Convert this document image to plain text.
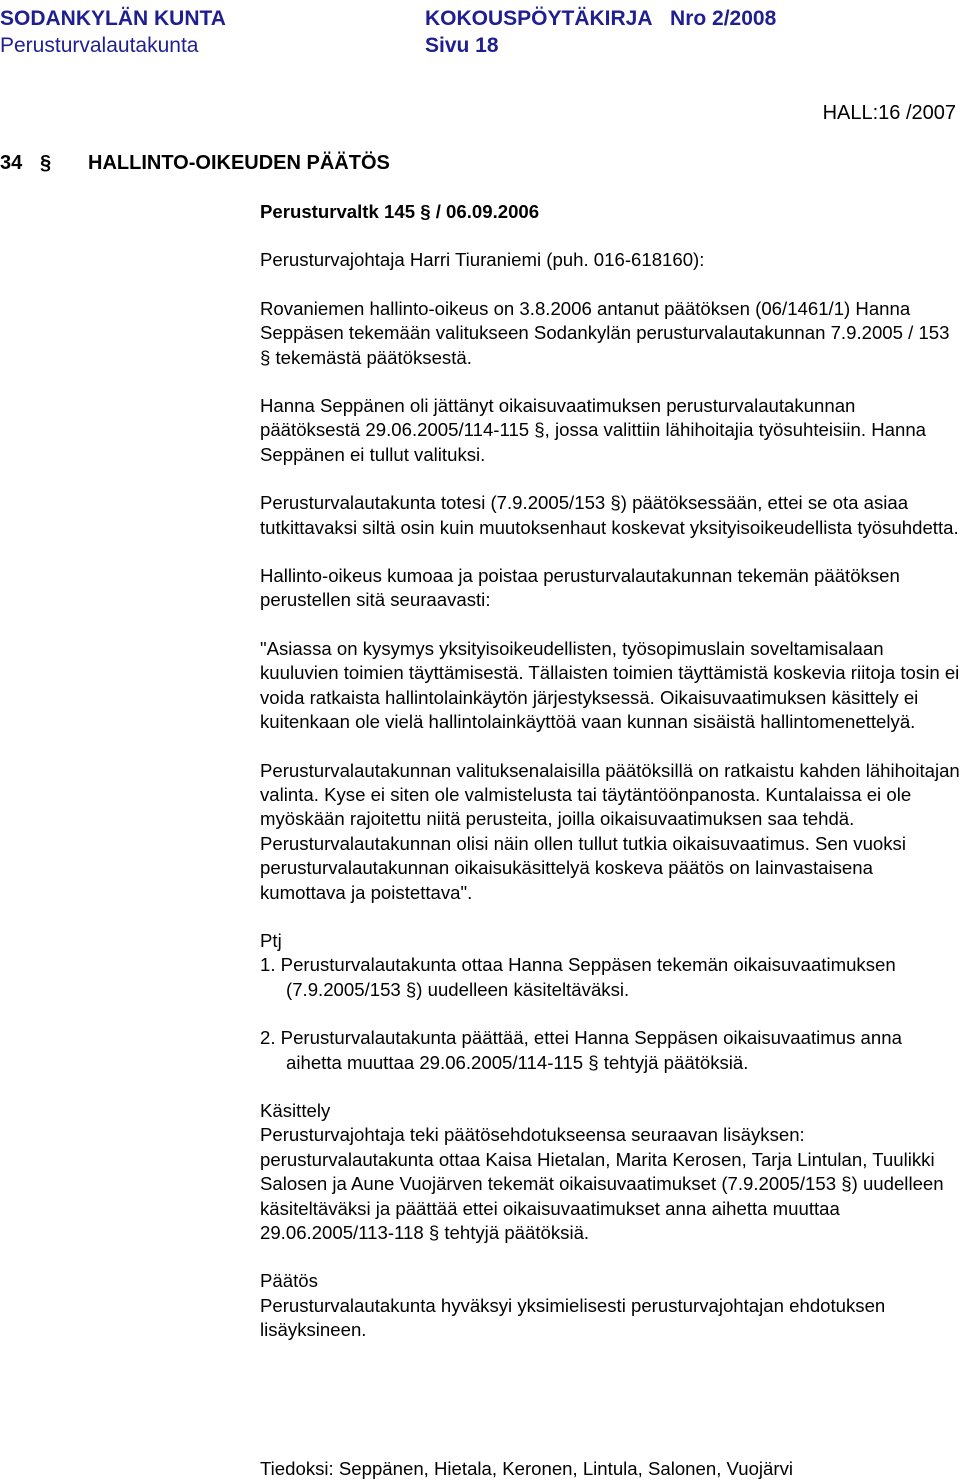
SODANKYLÄN KUNTA	KOKOUSPÖYTÄKIRJA Nro 2/2008
Perusturvalautakunta	Sivu 18
HALL:16 /2007
34 § HALLINTO-OIKEUDEN PÄÄTÖS

Perusturvaltk 145 § / 06.09.2006

Perusturvajohtaja Harri Tiuraniemi (puh. 016-618160):

Rovaniemen hallinto-oikeus on 3.8.2006 antanut päätöksen (06/1461/1) Hanna Seppäsen tekemään valitukseen Sodankylän perusturvalautakunnan 7.9.2005 / 153 § tekemästä päätöksestä.

Hanna Seppänen oli jättänyt oikaisuvaatimuksen perusturvalautakunnan päätöksestä 29.06.2005/114-115 §, jossa valittiin lähihoitajia työsuhteisiin. Hanna Seppänen ei tullut valituksi.

Perusturvalautakunta totesi (7.9.2005/153 §) päätöksessään, ettei se ota asiaa tutkittavaksi siltä osin kuin muutoksenhaut koskevat yksityisoikeudellista työsuhdetta.

Hallinto-oikeus kumoaa ja poistaa perusturvalautakunnan tekemän päätöksen perustellen sitä seuraavasti:

"Asiassa on kysymys yksityisoikeudellisten, työsopimuslain soveltamisalaan kuuluvien toimien täyttämisestä. Tällaisten toimien täyttämistä koskevia riitoja tosin ei voida ratkaista hallintolainkäytön järjestyksessä. Oikaisuvaatimuksen käsittely ei kuitenkaan ole vielä hallintolainkäyttöä vaan kunnan sisäistä hallintomenettelyä.

Perusturvalautakunnan valituksenalaisilla päätöksillä on ratkaistu kahden lähihoitajan valinta. Kyse ei siten ole valmistelusta tai täytäntöönpanosta. Kuntalaissa ei ole myöskään rajoitettu niitä perusteita, joilla oikaisuvaatimuksen saa tehdä. Perusturvalautakunnan olisi näin ollen tullut tutkia oikaisuvaatimus. Sen vuoksi perusturvalautakunnan oikaisukäsittelyä koskeva päätös on lainvastaisena kumottava ja poistettava".

Ptj

1. Perusturvalautakunta ottaa Hanna Seppäsen tekemän oikaisuvaatimuksen (7.9.2005/153 §) uudelleen käsiteltäväksi.

2. Perusturvalautakunta päättää, ettei Hanna Seppäsen oikaisuvaatimus anna aihetta muuttaa 29.06.2005/114-115 § tehtyjä päätöksiä.

Käsittely

Perusturvajohtaja teki päätösehdotukseensa seuraavan lisäyksen: perusturvalautakunta ottaa Kaisa Hietalan, Marita Kerosen, Tarja Lintulan, Tuulikki Salosen ja Aune Vuojärven tekemät oikaisuvaatimukset (7.9.2005/153 §) uudelleen käsiteltäväksi ja päättää ettei oikaisuvaatimukset anna aihetta muuttaa 29.06.2005/113-118 § tehtyjä päätöksiä.

Päätös

Perusturvalautakunta hyväksyi yksimielisesti perusturvajohtajan ehdotuksen lisäyksineen.

Tiedoksi: Seppänen, Hietala, Keronen, Lintula, Salonen, Vuojärvi
